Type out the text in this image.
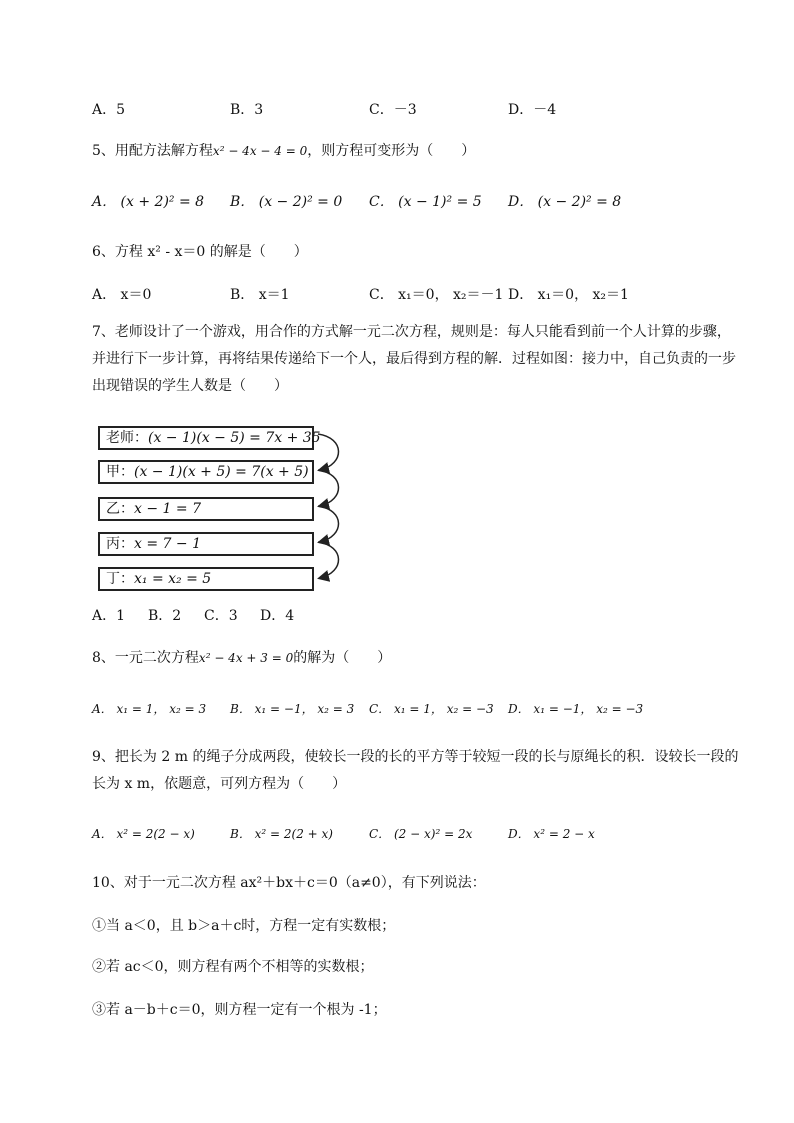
A．5	B．3	C．－3	D．－4
5、用配方法解方程x² − 4x − 4 = 0，则方程可变形为（　　）
A． (x + 2)² = 8 B． (x − 2)² = 0 C． (x − 1)² = 5 D． (x − 2)² = 8
6、方程 x² - x＝0 的解是（　　）
A． x＝0	B． x＝1	C． x₁＝0， x₂＝－1 D． x₁＝0， x₂＝1
7、老师设计了一个游戏，用合作的方式解一元二次方程，规则是：每人只能看到前一个人计算的步骤，并进行下一步计算，再将结果传递给下一个人，最后得到方程的解．过程如图：接力中，自己负责的一步出现错误的学生人数是（　　）
老师：(x − 1)(x − 5) = 7x + 35
甲：(x − 1)(x + 5) = 7(x + 5)
乙：x − 1 = 7
丙：x = 7 − 1
丁：x₁ = x₂ = 5
A．1 B．2 C．3 D．4
8、一元二次方程x² − 4x + 3 = 0的解为（　　）
A． x₁ = 1， x₂ = 3 B． x₁ = −1， x₂ = 3 C． x₁ = 1， x₂ = −3 D． x₁ = −1， x₂ = −3
9、把长为 2 m 的绳子分成两段，使较长一段的长的平方等于较短一段的长与原绳长的积．设较长一段的长为 x m，依题意，可列方程为（　　）
A． x² = 2(2 − x)	B． x² = 2(2 + x)	C． (2 − x)² = 2x	D． x² = 2 − x
10、对于一元二次方程 ax²＋bx＋c＝0（a≠0），有下列说法：
①当 a＜0，且 b＞a＋c时，方程一定有实数根；
②若 ac＜0，则方程有两个不相等的实数根；
③若 a－b＋c＝0，则方程一定有一个根为 -1；
